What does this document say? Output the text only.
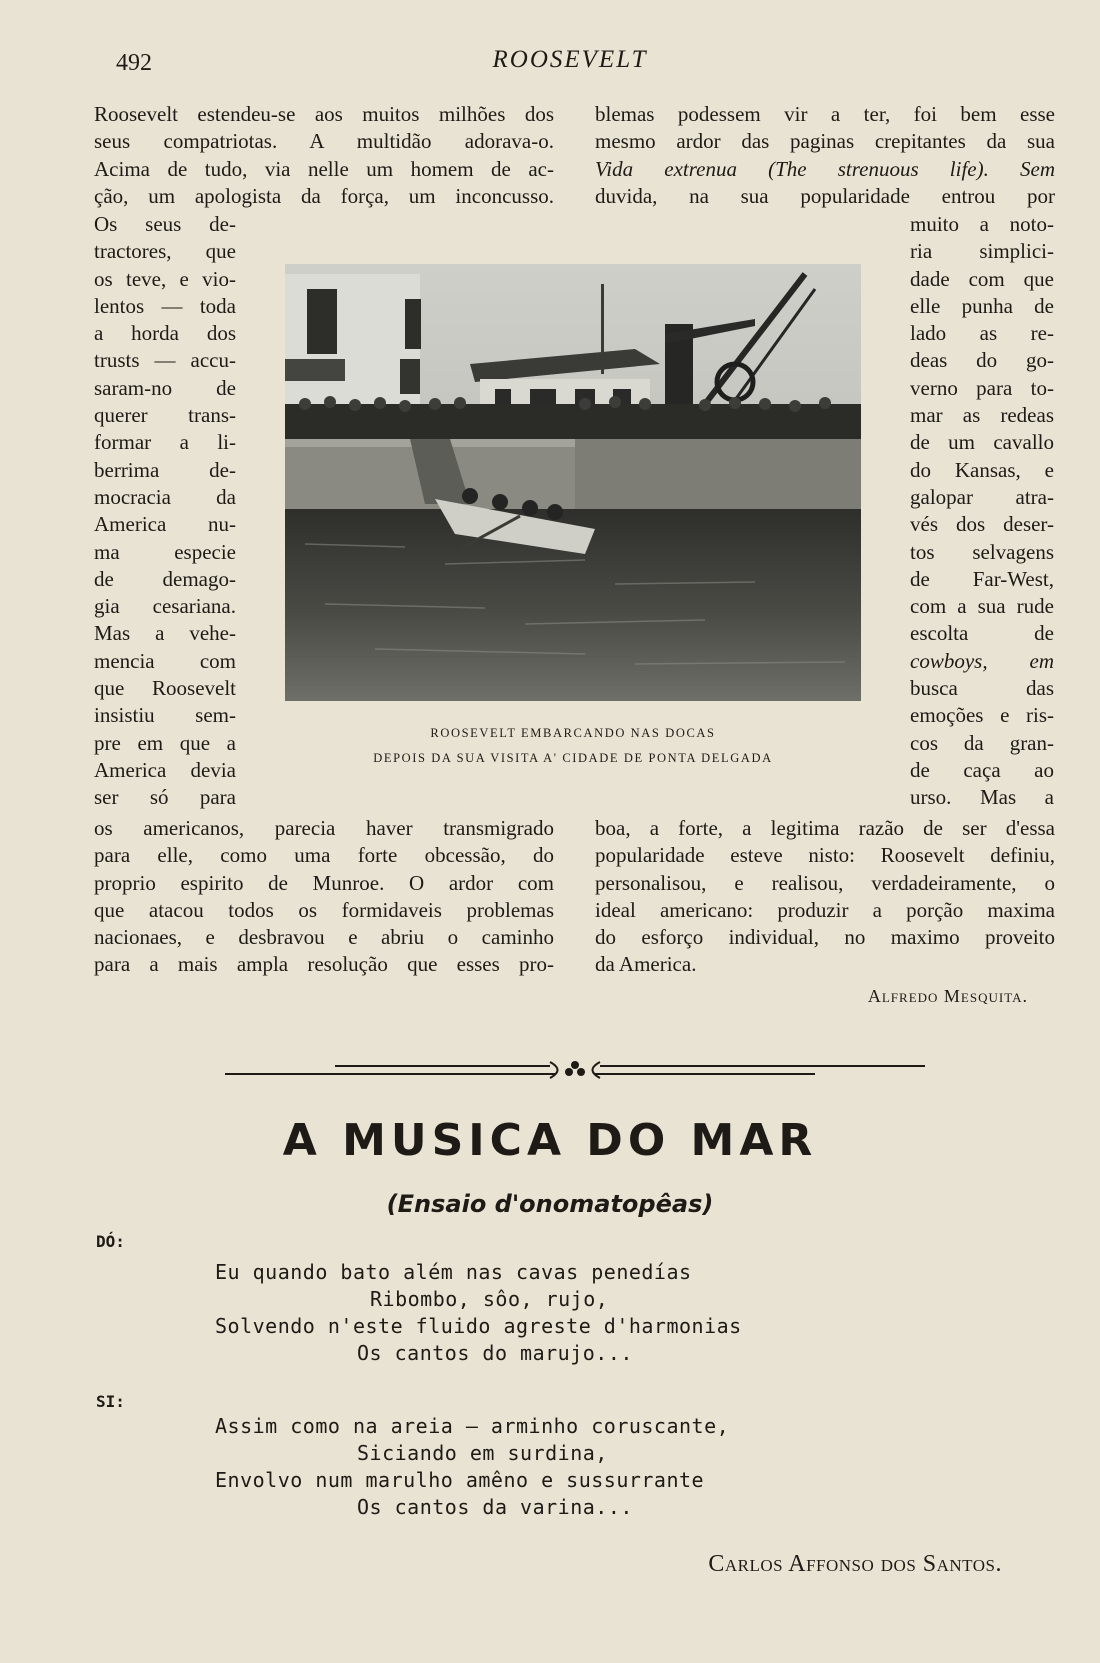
492	ROOSEVELT

Roosevelt estendeu-se aos muitos milhões dos

seus compatriotas. A multidão adorava-o.

Acima de tudo, via nelle um homem de ac-

ção, um apologista da força, um inconcusso.

blemas podessem vir a ter, foi bem esse

mesmo ardor das paginas crepitantes da sua

Vida extrenua (The strenuous life). Sem

duvida, na sua popularidade entrou por

Os seus de-

tractores, que

os teve, e vio-

lentos — toda

a horda dos

trusts — accu-

saram-no de

querer trans-

formar a li-

berrima de-

mocracia da

America nu-

ma especie

de demago-

gia cesariana.

Mas a vehe-

mencia com

que Roosevelt

insistiu sem-

pre em que a

America devia

ser só para

muito a noto-

ria simplici-

dade com que

elle punha de

lado as re-

deas do go-

verno para to-

mar as redeas

de um cavallo

do Kansas, e

galopar atra-

vés dos deser-

tos selvagens

de Far-West,

com a sua rude

escolta de

cowboys, em

busca das

emoções e ris-

cos da gran-

de caça ao

urso. Mas a

ROOSEVELT EMBARCANDO NAS DOCAS
DEPOIS DA SUA VISITA A' CIDADE DE PONTA DELGADA

os americanos, parecia haver transmigrado

para elle, como uma forte obcessão, do

proprio espirito de Munroe. O ardor com

que atacou todos os formidaveis problemas

nacionaes, e desbravou e abriu o caminho

para a mais ampla resolução que esses pro-

boa, a forte, a legitima razão de ser d'essa

popularidade esteve nisto: Roosevelt definiu,

personalisou, e realisou, verdadeiramente, o

ideal americano: produzir a porção maxima

do esforço individual, no maximo proveito

da America.

Alfredo Mesquita.
A MUSICA DO MAR
(Ensaio d'onomatopêas)
DÓ:
Eu quando bato além nas cavas penedías
Ribombo, sôo, rujo,
Solvendo n'este fluido agreste d'harmonias
Os cantos do marujo...
SI:
Assim como na areia — arminho coruscante,
Siciando em surdina,
Envolvo num marulho amêno e sussurrante
Os cantos da varina...
Carlos Affonso dos Santos.
